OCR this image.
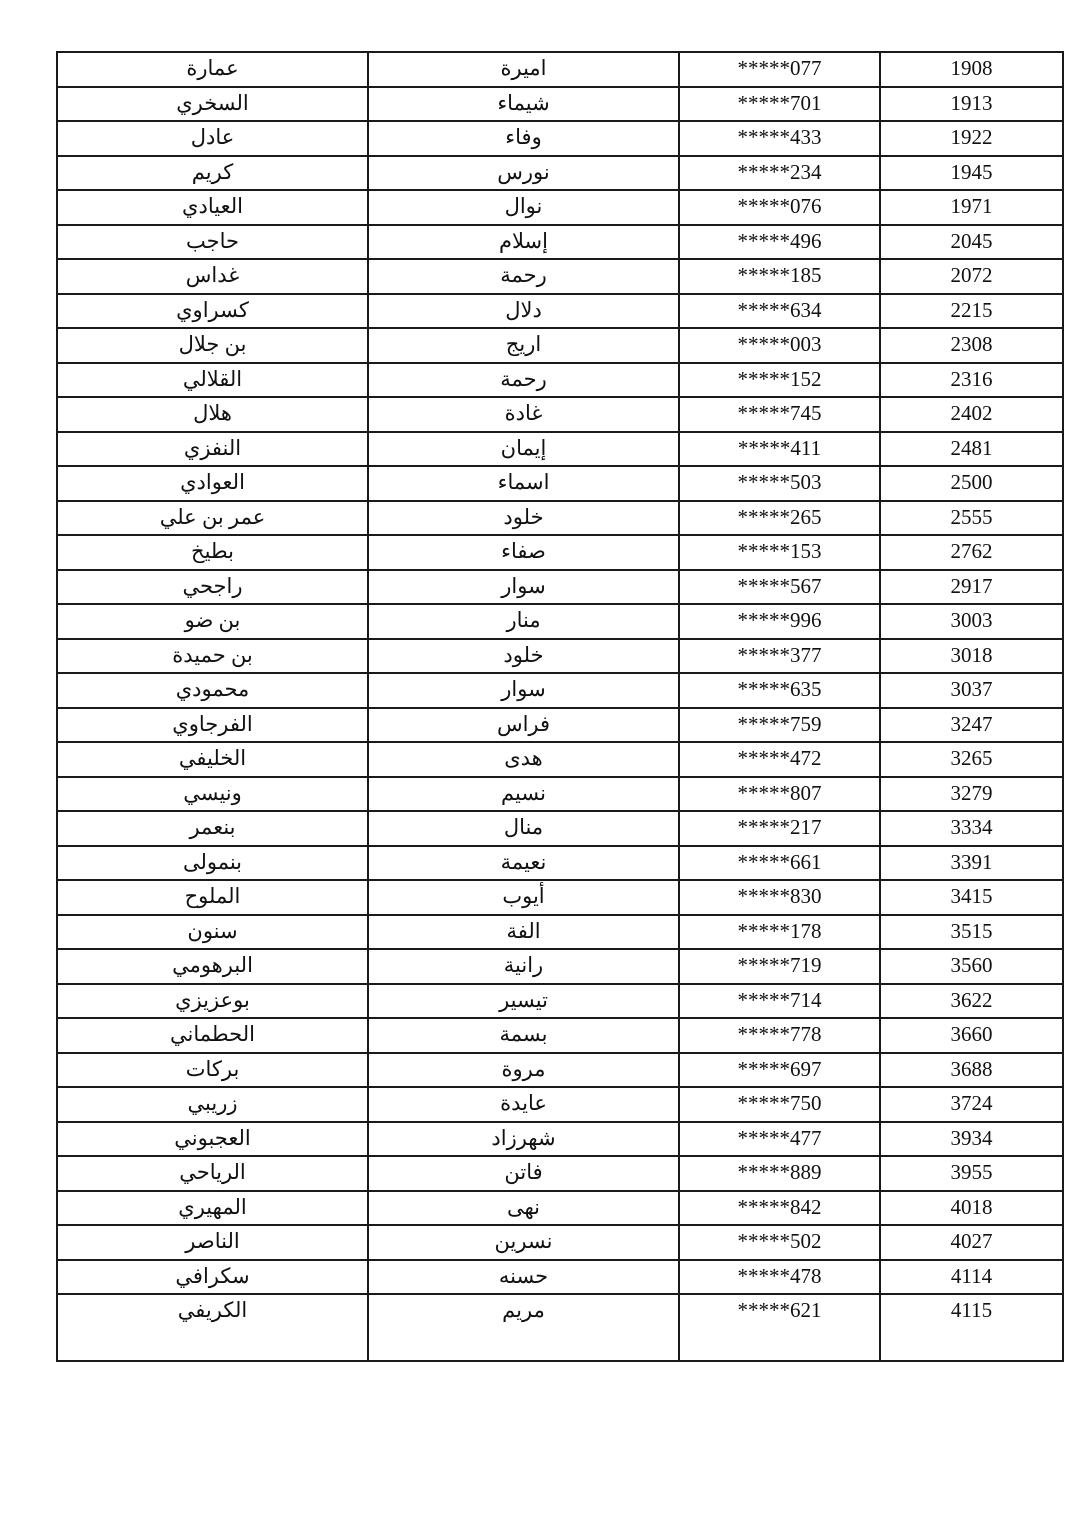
عمارة	اميرة	*****077	1908
السخري	شيماء	*****701	1913
عادل	وفاء	*****433	1922
كريم	نورس	*****234	1945
العيادي	نوال	*****076	1971
حاجب	إسلام	*****496	2045
غداس	رحمة	*****185	2072
كسراوي	دلال	*****634	2215
بن جلال	اريج	*****003	2308
القلالي	رحمة	*****152	2316
هلال	غادة	*****745	2402
النفزي	إيمان	*****411	2481
العوادي	اسماء	*****503	2500
عمر بن علي	خلود	*****265	2555
بطيخ	صفاء	*****153	2762
راجحي	سوار	*****567	2917
بن ضو	منار	*****996	3003
بن حميدة	خلود	*****377	3018
محمودي	سوار	*****635	3037
الفرجاوي	فراس	*****759	3247
الخليفي	هدى	*****472	3265
ونيسي	نسيم	*****807	3279
بنعمر	منال	*****217	3334
بنمولى	نعيمة	*****661	3391
الملوح	أيوب	*****830	3415
سنون	الفة	*****178	3515
البرهومي	رانية	*****719	3560
بوعزيزي	تيسير	*****714	3622
الحطماني	بسمة	*****778	3660
بركات	مروة	*****697	3688
زريبي	عايدة	*****750	3724
العجبوني	شهرزاد	*****477	3934
الرياحي	فاتن	*****889	3955
المهيري	نهى	*****842	4018
الناصر	نسرين	*****502	4027
سكرافي	حسنه	*****478	4114
الكريفي	مريم	*****621	4115
